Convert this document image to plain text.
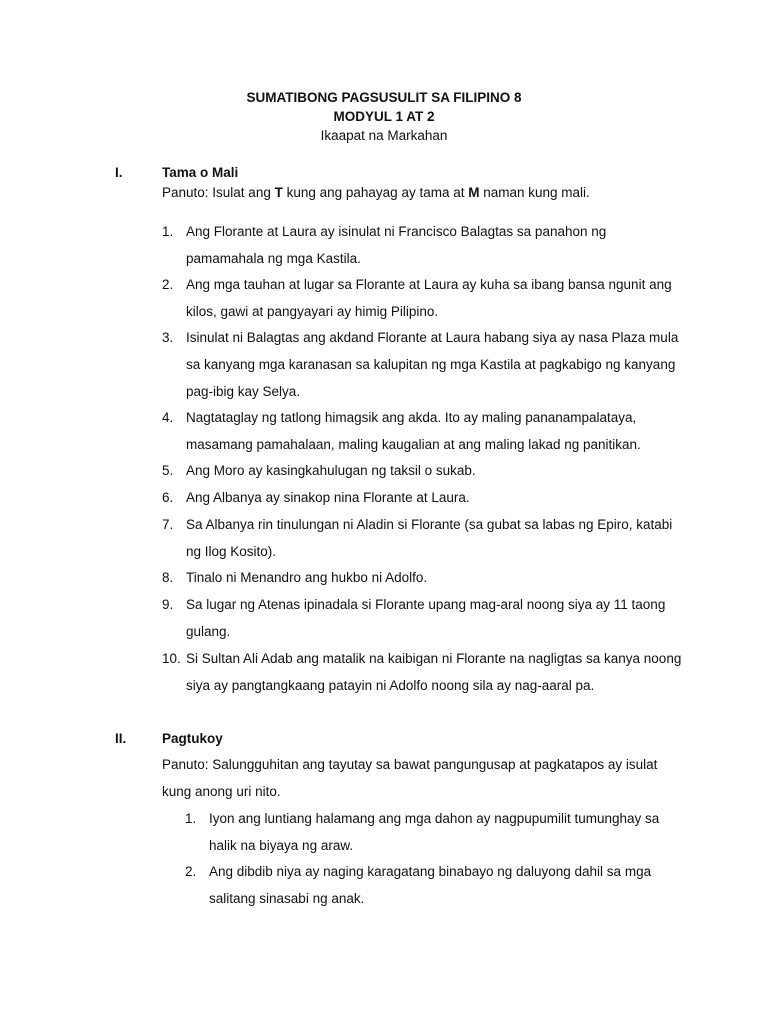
SUMATIBONG PAGSUSULIT SA FILIPINO 8
MODYUL 1 AT 2
Ikaapat na Markahan
I.	Tama o Mali
Panuto: Isulat ang T kung ang pahayag ay tama at M naman kung mali.
1. Ang Florante at Laura ay isinulat ni Francisco Balagtas sa panahon ng pamamahala ng mga Kastila.
2. Ang mga tauhan at lugar sa Florante at Laura ay kuha sa ibang bansa ngunit ang kilos, gawi at pangyayari ay himig Pilipino.
3. Isinulat ni Balagtas ang akdand Florante at Laura habang siya ay nasa Plaza mula sa kanyang mga karanasan sa kalupitan ng mga Kastila at pagkabigo ng kanyang pag-ibig kay Selya.
4. Nagtataglay ng tatlong himagsik ang akda. Ito ay maling pananampalataya, masamang pamahalaan, maling kaugalian at ang maling lakad ng panitikan.
5. Ang Moro ay kasingkahulugan ng taksil o sukab.
6. Ang Albanya ay sinakop nina Florante at Laura.
7. Sa Albanya rin tinulungan ni Aladin si Florante (sa gubat sa labas ng Epiro, katabi ng Ilog Kosito).
8. Tinalo ni Menandro ang hukbo ni Adolfo.
9. Sa lugar ng Atenas ipinadala si Florante upang mag-aral noong siya ay 11 taong gulang.
10. Si Sultan Ali Adab ang matalik na kaibigan ni Florante na nagligtas sa kanya noong siya ay pangtangkaang patayin ni Adolfo noong sila ay nag-aaral pa.
II.	Pagtukoy
Panuto: Salungguhitan ang tayutay sa bawat pangungusap at pagkatapos ay isulat kung anong uri nito.
1. Iyon ang luntiang halamang ang mga dahon ay nagpupumilit tumunghay sa halik na biyaya ng araw.
2. Ang dibdib niya ay naging karagatang binabayo ng daluyong dahil sa mga salitang sinasabi ng anak.
